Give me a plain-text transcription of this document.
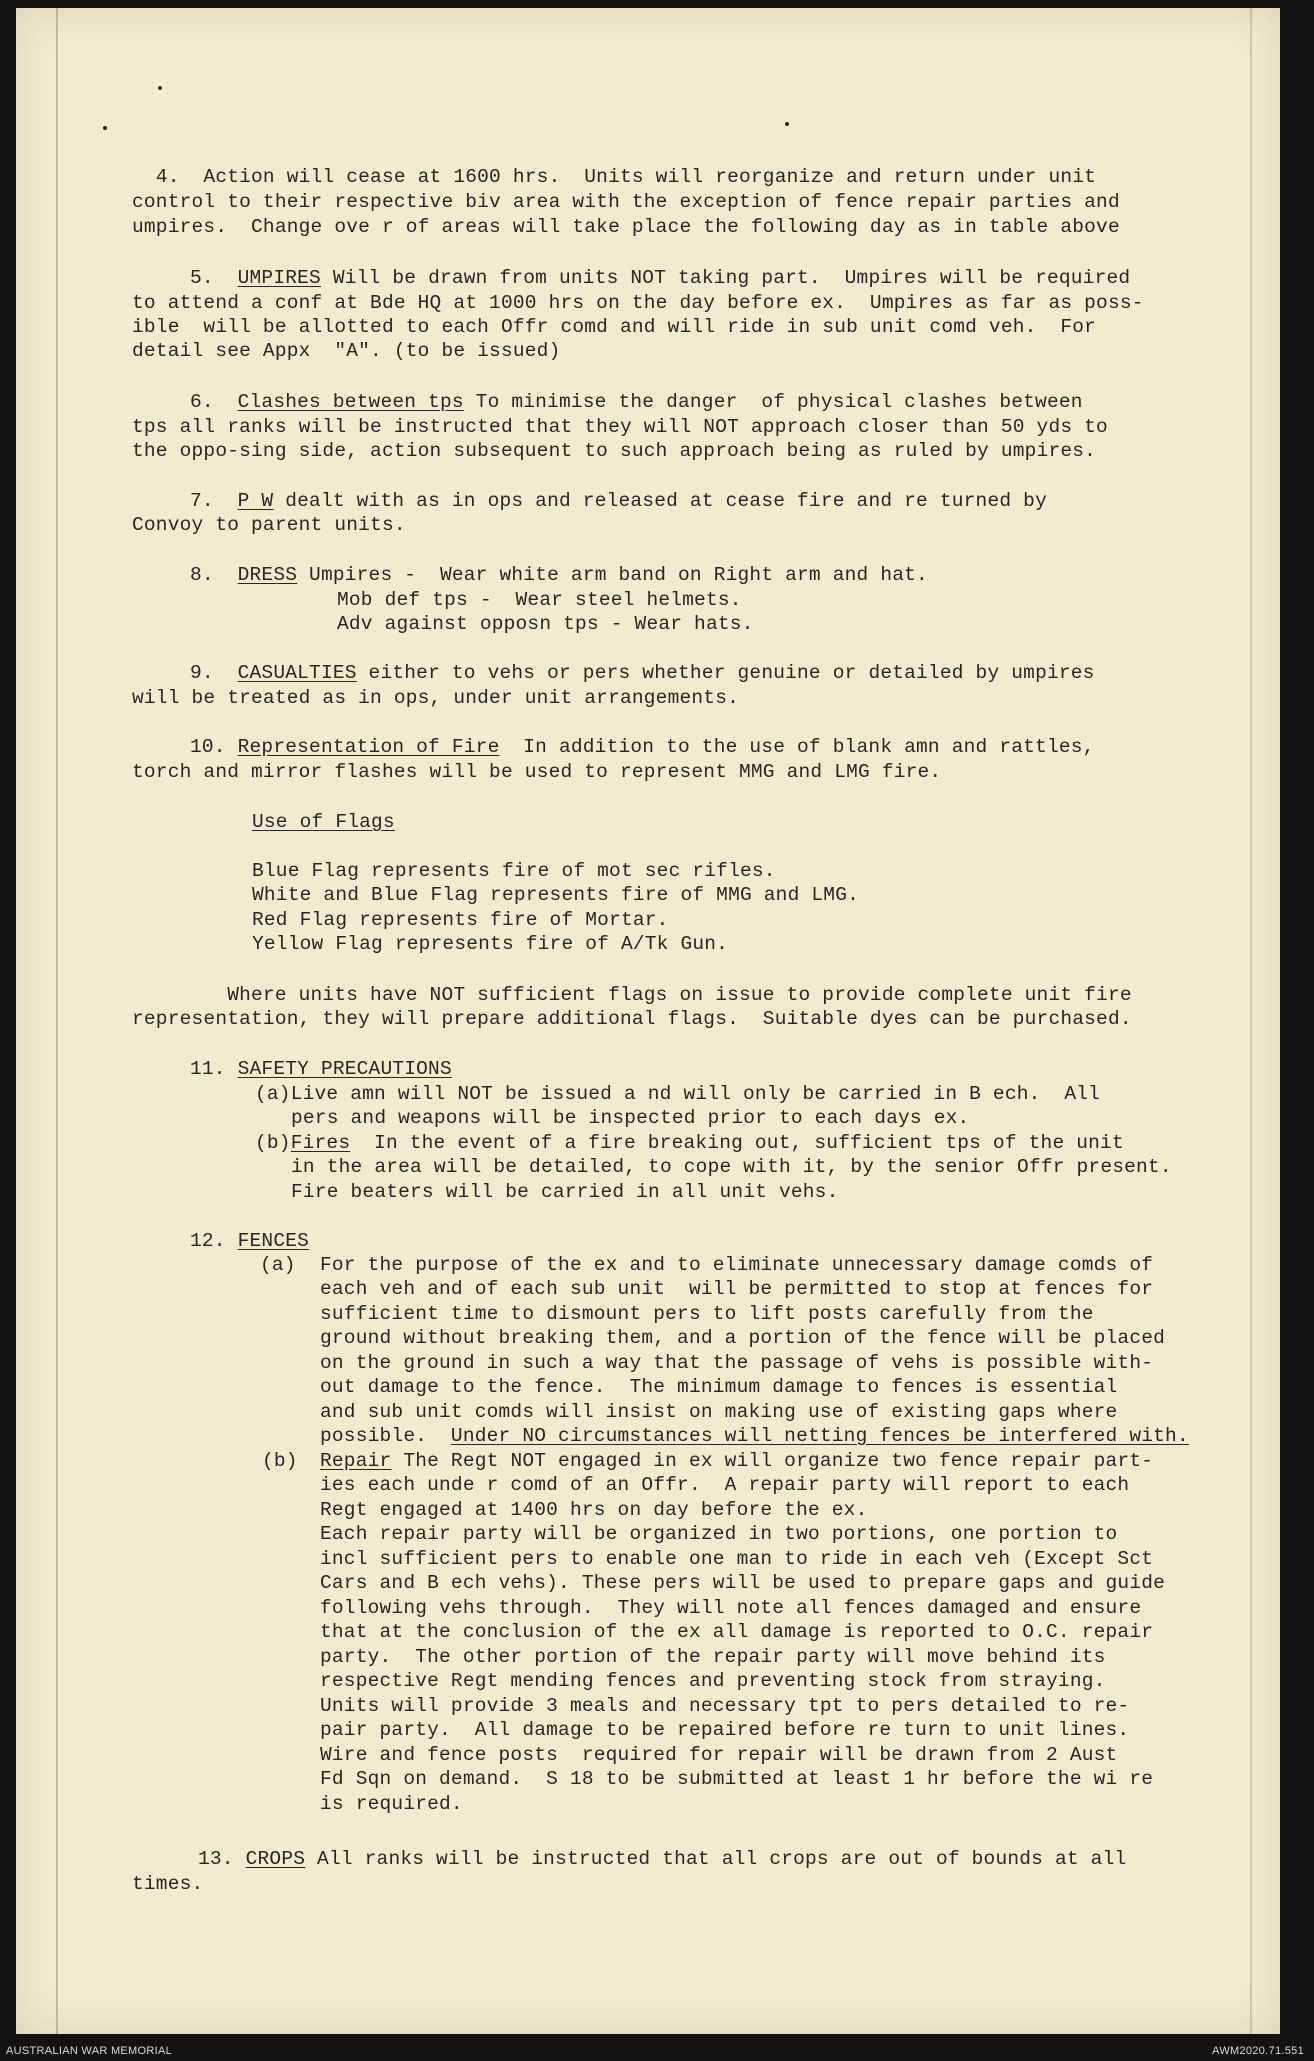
4.  Action will cease at 1600 hrs.  Units will reorganize and return under unit
control to their respective biv area with the exception of fence repair parties and
umpires.  Change ove r of areas will take place the following day as in table above
5. UMPIRES Will be drawn from units NOT taking part.  Umpires will be required
to attend a conf at Bde HQ at 1000 hrs on the day before ex.  Umpires as far as poss-
ible  will be allotted to each Offr comd and will ride in sub unit comd veh.  For
detail see Appx  "A". (to be issued)
6. Clashes between tps To minimise the danger  of physical clashes between
tps all ranks will be instructed that they will NOT approach closer than 50 yds to
the oppo-sing side, action subsequent to such approach being as ruled by umpires.
7. P W dealt with as in ops and released at cease fire and re turned by
Convoy to parent units.
8. DRESS Umpires -  Wear white arm band on Right arm and hat.
Mob def tps -  Wear steel helmets.
Adv against opposn tps - Wear hats.
9. CASUALTIES either to vehs or pers whether genuine or detailed by umpires
will be treated as in ops, under unit arrangements.
10. Representation of Fire  In addition to the use of blank amn and rattles,
torch and mirror flashes will be used to represent MMG and LMG fire.
Use of Flags
Blue Flag represents fire of mot sec rifles.
White and Blue Flag represents fire of MMG and LMG.
Red Flag represents fire of Mortar.
Yellow Flag represents fire of A/Tk Gun.
Where units have NOT sufficient flags on issue to provide complete unit fire
representation, they will prepare additional flags.  Suitable dyes can be purchased.
11. SAFETY PRECAUTIONS
(a)Live amn will NOT be issued a nd will only be carried in B ech.  All
pers and weapons will be inspected prior to each days ex.
(b)Fires  In the event of a fire breaking out, sufficient tps of the unit
in the area will be detailed, to cope with it, by the senior Offr present.
Fire beaters will be carried in all unit vehs.
12. FENCES
(a) For the purpose of the ex and to eliminate unnecessary damage comds of
each veh and of each sub unit  will be permitted to stop at fences for
sufficient time to dismount pers to lift posts carefully from the
ground without breaking them, and a portion of the fence will be placed
on the ground in such a way that the passage of vehs is possible with-
out damage to the fence.  The minimum damage to fences is essential
and sub unit comds will insist on making use of existing gaps where
possible.  Under NO circumstances will netting fences be interfered with.
(b) Repair The Regt NOT engaged in ex will organize two fence repair part-
ies each unde r comd of an Offr.  A repair party will report to each
Regt engaged at 1400 hrs on day before the ex.
Each repair party will be organized in two portions, one portion to
incl sufficient pers to enable one man to ride in each veh (Except Sct
Cars and B ech vehs). These pers will be used to prepare gaps and guide
following vehs through.  They will note all fences damaged and ensure
that at the conclusion of the ex all damage is reported to O.C. repair
party.  The other portion of the repair party will move behind its
respective Regt mending fences and preventing stock from straying.
Units will provide 3 meals and necessary tpt to pers detailed to re-
pair party.  All damage to be repaired before re turn to unit lines.
Wire and fence posts  required for repair will be drawn from 2 Aust
Fd Sqn on demand.  S 18 to be submitted at least 1 hr before the wi re
is required.
13. CROPS All ranks will be instructed that all crops are out of bounds at all
times.
AUSTRALIAN WAR MEMORIAL	AWM2020.71.551
